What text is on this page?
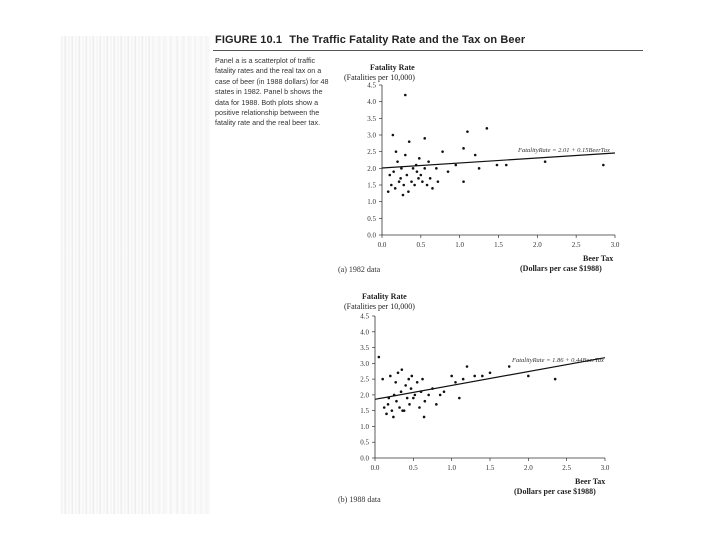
FIGURE 10.1 The Traffic Fatality Rate and the Tax on Beer
Panel a is a scatterplot of traffic fatality rates and the real tax on a case of beer (in 1988 dollars) for 48 states in 1982. Panel b shows the data for 1988. Both plots show a positive relationship between the fatality rate and the real beer tax.
Fatality Rate
(Fatalities per 10,000)
Beer Tax
(Dollars per case $1988)
(a) 1982 data
FatalityRate = 2.01 + 0.15BeerTax
4.5
4.0
3.5
3.0
2.5
2.0
1.5
1.0
0.5
0.0
0.0	0.5	1.0	1.5	2.0	2.5	3.0
Fatality Rate
(Fatalities per 10,000)
Beer Tax
(Dollars per case $1988)
(b) 1988 data
FatalityRate = 1.86 + 0.44BeerTax
4.5
4.0
3.5
3.0
2.5
2.0
1.5
1.0
0.5
0.0
0.0	0.5	1.0	1.5	2.0	2.5	3.0
